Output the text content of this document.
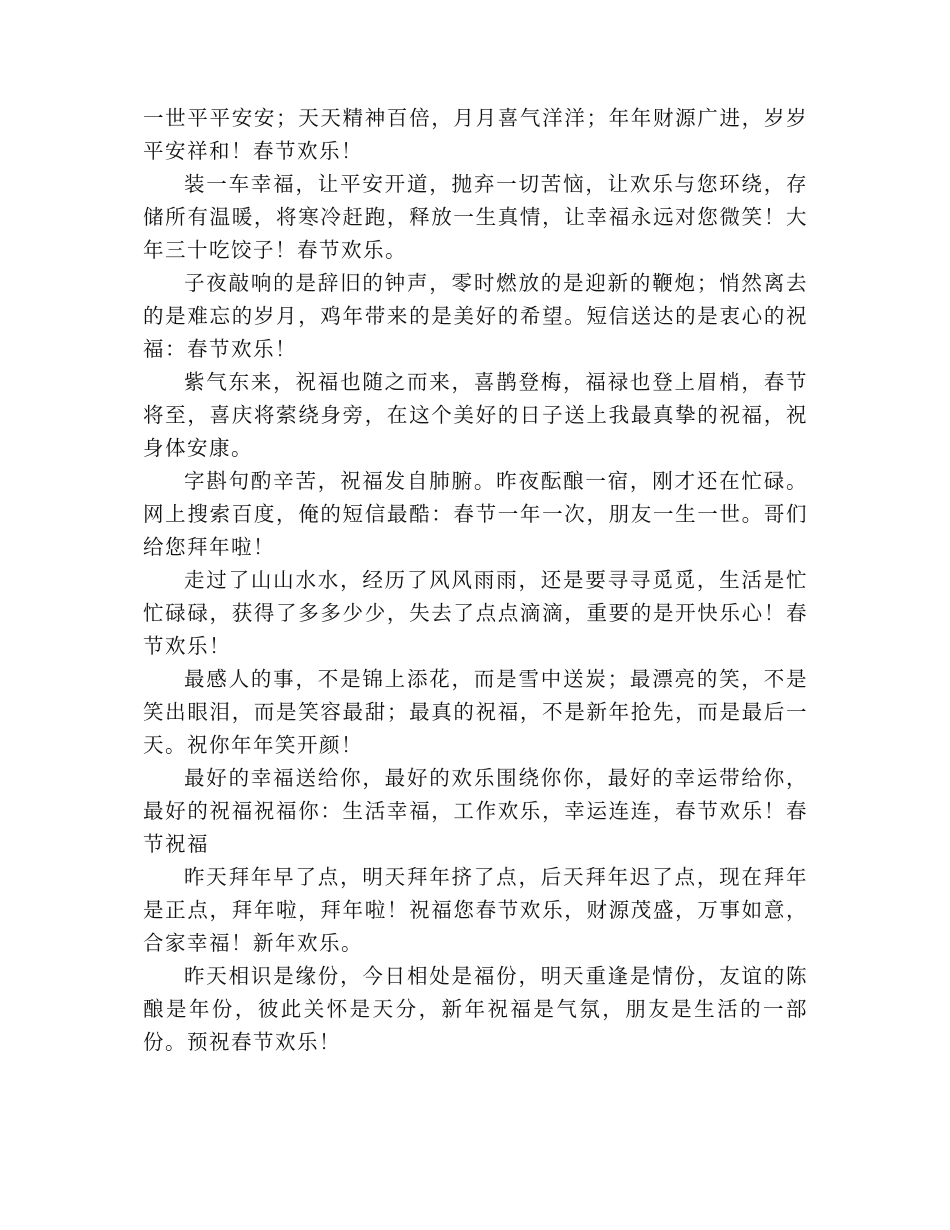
一世平平安安；天天精神百倍，月月喜气洋洋；年年财源广进，岁岁平安祥和！春节欢乐！

装一车幸福，让平安开道，抛弃一切苦恼，让欢乐与您环绕，存储所有温暖，将寒冷赶跑，释放一生真情，让幸福永远对您微笑！大年三十吃饺子！春节欢乐。

子夜敲响的是辞旧的钟声，零时燃放的是迎新的鞭炮；悄然离去的是难忘的岁月，鸡年带来的是美好的希望。短信送达的是衷心的祝福：春节欢乐！

紫气东来，祝福也随之而来，喜鹊登梅，福禄也登上眉梢，春节将至，喜庆将萦绕身旁，在这个美好的日子送上我最真挚的祝福，祝身体安康。

字斟句酌辛苦，祝福发自肺腑。昨夜酝酿一宿，刚才还在忙碌。网上搜索百度，俺的短信最酷：春节一年一次，朋友一生一世。哥们给您拜年啦！

走过了山山水水，经历了风风雨雨，还是要寻寻觅觅，生活是忙忙碌碌，获得了多多少少，失去了点点滴滴，重要的是开快乐心！春节欢乐！

最感人的事，不是锦上添花，而是雪中送炭；最漂亮的笑，不是笑出眼泪，而是笑容最甜；最真的祝福，不是新年抢先，而是最后一天。祝你年年笑开颜！

最好的幸福送给你，最好的欢乐围绕你你，最好的幸运带给你，最好的祝福祝福你：生活幸福，工作欢乐，幸运连连，春节欢乐！春节祝福

昨天拜年早了点，明天拜年挤了点，后天拜年迟了点，现在拜年是正点，拜年啦，拜年啦！祝福您春节欢乐，财源茂盛，万事如意，合家幸福！新年欢乐。

昨天相识是缘份，今日相处是福份，明天重逢是情份，友谊的陈酿是年份，彼此关怀是天分，新年祝福是气氛，朋友是生活的一部份。预祝春节欢乐！
